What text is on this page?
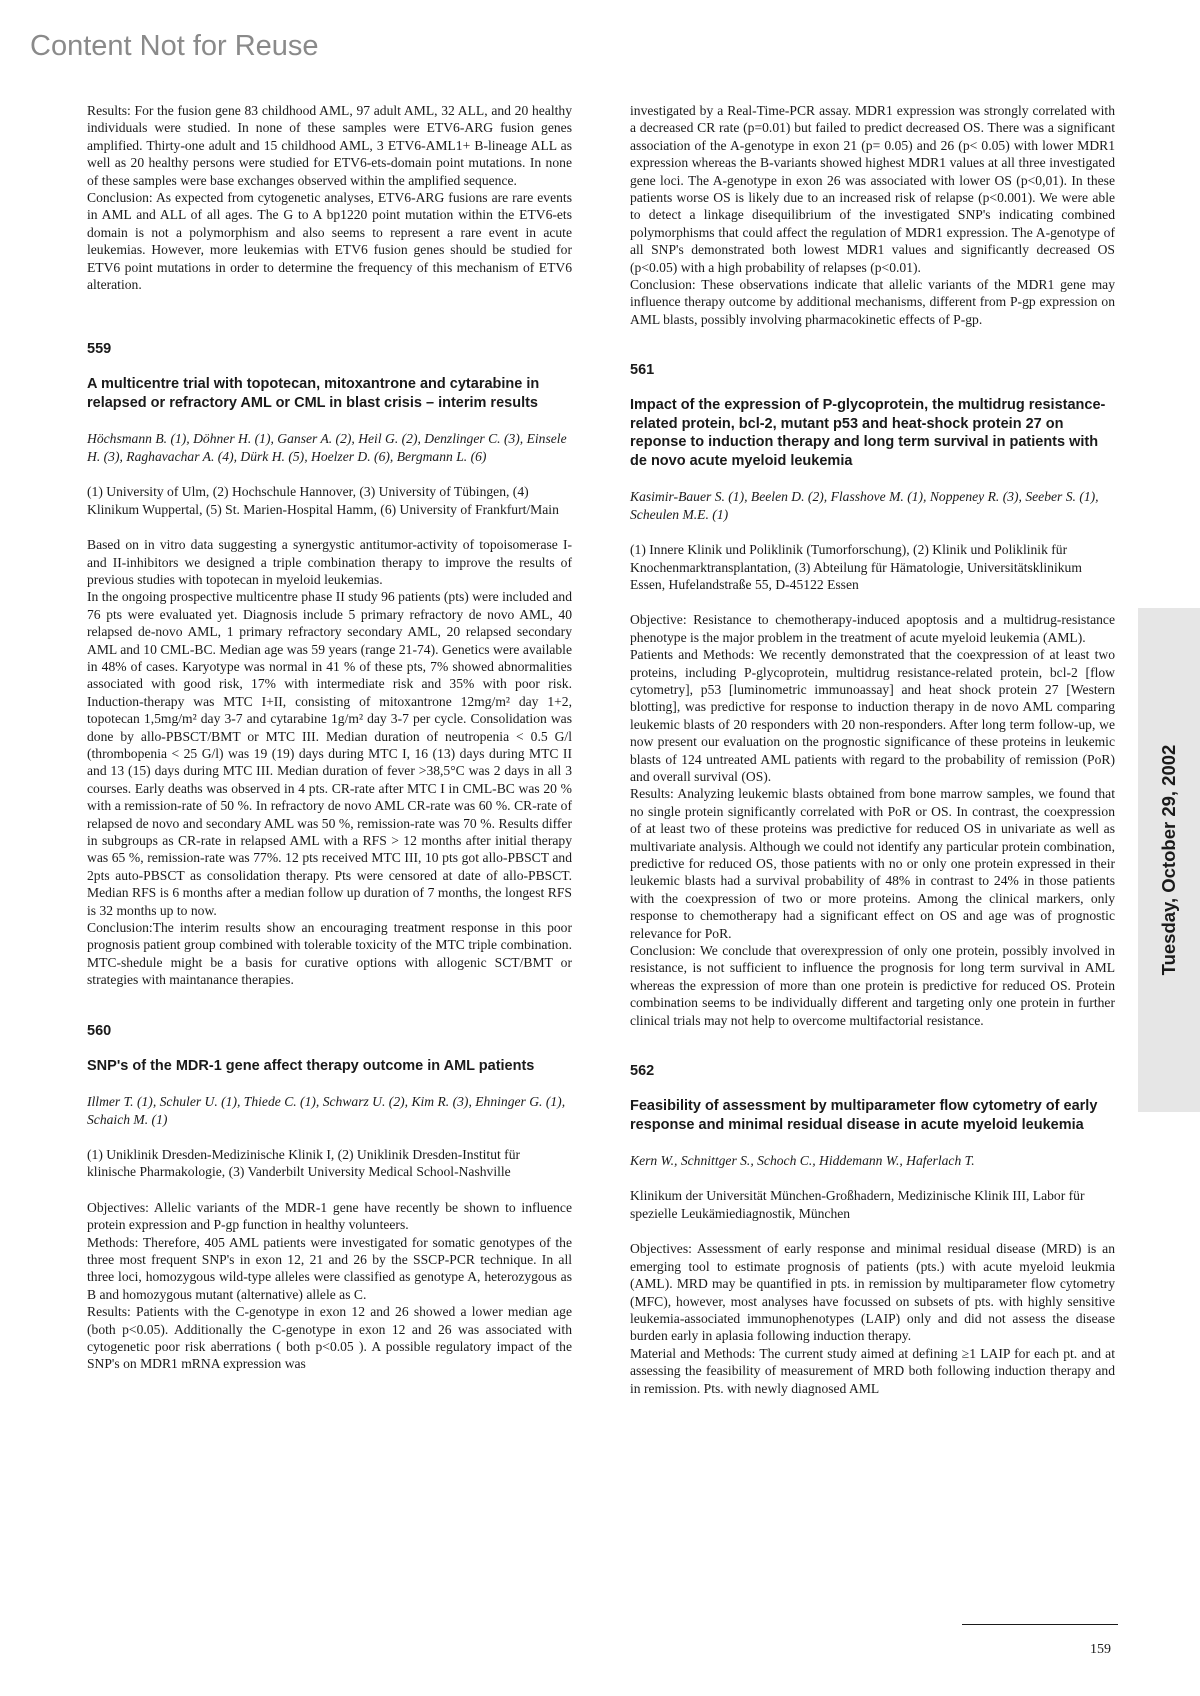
Content Not for Reuse

Results: For the fusion gene 83 childhood AML, 97 adult AML, 32 ALL, and 20 healthy individuals were studied. In none of these samples were ETV6-ARG fusion genes amplified. Thirty-one adult and 15 childhood AML, 3 ETV6-AML1+ B-lineage ALL as well as 20 healthy persons were studied for ETV6-ets-domain point mutations. In none of these samples were base exchanges observed within the amplified sequence.

Conclusion: As expected from cytogenetic analyses, ETV6-ARG fusions are rare events in AML and ALL of all ages. The G to A bp1220 point mutation within the ETV6-ets domain is not a polymorphism and also seems to represent a rare event in acute leukemias. However, more leukemias with ETV6 fusion genes should be studied for ETV6 point mutations in order to determine the frequency of this mechanism of ETV6 alteration.

559

A multicentre trial with topotecan, mitoxantrone and cytarabine in relapsed or refractory AML or CML in blast crisis – interim results

Höchsmann B. (1), Döhner H. (1), Ganser A. (2), Heil G. (2), Denzlinger C. (3), Einsele H. (3), Raghavachar A. (4), Dürk H. (5), Hoelzer D. (6), Bergmann L. (6)

(1) University of Ulm, (2) Hochschule Hannover, (3) University of Tübingen, (4) Klinikum Wuppertal, (5) St. Marien-Hospital Hamm, (6) University of Frankfurt/Main

Based on in vitro data suggesting a synergystic antitumor-activity of topoisomerase I- and II-inhibitors we designed a triple combination therapy to improve the results of previous studies with topotecan in myeloid leukemias.

In the ongoing prospective multicentre phase II study 96 patients (pts) were included and 76 pts were evaluated yet. Diagnosis include 5 primary refractory de novo AML, 40 relapsed de-novo AML, 1 primary refractory secondary AML, 20 relapsed secondary AML and 10 CML-BC. Median age was 59 years (range 21-74). Genetics were available in 48% of cases. Karyotype was normal in 41 % of these pts, 7% showed abnormalities associated with good risk, 17% with intermediate risk and 35% with poor risk. Induction-therapy was MTC I+II, consisting of mitoxantrone 12mg/m² day 1+2, topotecan 1,5mg/m² day 3-7 and cytarabine 1g/m² day 3-7 per cycle. Consolidation was done by allo-PBSCT/BMT or MTC III. Median duration of neutropenia < 0.5 G/l (thrombopenia < 25 G/l) was 19 (19) days during MTC I, 16 (13) days during MTC II and 13 (15) days during MTC III. Median duration of fever >38,5°C was 2 days in all 3 courses. Early deaths was observed in 4 pts. CR-rate after MTC I in CML-BC was 20 % with a remission-rate of 50 %. In refractory de novo AML CR-rate was 60 %. CR-rate of relapsed de novo and secondary AML was 50 %, remission-rate was 70 %. Results differ in subgroups as CR-rate in relapsed AML with a RFS > 12 months after initial therapy was 65 %, remission-rate was 77%. 12 pts received MTC III, 10 pts got allo-PBSCT and 2pts auto-PBSCT as consolidation therapy. Pts were censored at date of allo-PBSCT. Median RFS is 6 months after a median follow up duration of 7 months, the longest RFS is 32 months up to now.

Conclusion:The interim results show an encouraging treatment response in this poor prognosis patient group combined with tolerable toxicity of the MTC triple combination. MTC-shedule might be a basis for curative options with allogenic SCT/BMT or strategies with maintanance therapies.

560

SNP's of the MDR-1 gene affect therapy outcome in AML patients

Illmer T. (1), Schuler U. (1), Thiede C. (1), Schwarz U. (2), Kim R. (3), Ehninger G. (1), Schaich M. (1)

(1) Uniklinik Dresden-Medizinische Klinik I, (2) Uniklinik Dresden-Institut für klinische Pharmakologie, (3) Vanderbilt University Medical School-Nashville

Objectives: Allelic variants of the MDR-1 gene have recently be shown to influence protein expression and P-gp function in healthy volunteers.

Methods: Therefore, 405 AML patients were investigated for somatic genotypes of the three most frequent SNP's in exon 12, 21 and 26 by the SSCP-PCR technique. In all three loci, homozygous wild-type alleles were classified as genotype A, heterozygous as B and homozygous mutant (alternative) allele as C.

Results: Patients with the C-genotype in exon 12 and 26 showed a lower median age (both p<0.05). Additionally the C-genotype in exon 12 and 26 was associated with cytogenetic poor risk aberrations ( both p<0.05 ). A possible regulatory impact of the SNP's on MDR1 mRNA expression was

investigated by a Real-Time-PCR assay. MDR1 expression was strongly correlated with a decreased CR rate (p=0.01) but failed to predict decreased OS. There was a significant association of the A-genotype in exon 21 (p= 0.05) and 26 (p< 0.05) with lower MDR1 expression whereas the B-variants showed highest MDR1 values at all three investigated gene loci. The A-genotype in exon 26 was associated with lower OS (p<0,01). In these patients worse OS is likely due to an increased risk of relapse (p<0.001). We were able to detect a linkage disequilibrium of the investigated SNP's indicating combined polymorphisms that could affect the regulation of MDR1 expression. The A-genotype of all SNP's demonstrated both lowest MDR1 values and significantly decreased OS (p<0.05) with a high probability of relapses (p<0.01).

Conclusion: These observations indicate that allelic variants of the MDR1 gene may influence therapy outcome by additional mechanisms, different from P-gp expression on AML blasts, possibly involving pharmacokinetic effects of P-gp.

561

Impact of the expression of P-glycoprotein, the multidrug resistance-related protein, bcl-2, mutant p53 and heat-shock protein 27 on reponse to induction therapy and long term survival in patients with de novo acute myeloid leukemia

Kasimir-Bauer S. (1), Beelen D. (2), Flasshove M. (1), Noppeney R. (3), Seeber S. (1), Scheulen M.E. (1)

(1) Innere Klinik und Poliklinik (Tumorforschung), (2) Klinik und Poliklinik für Knochenmarktransplantation, (3) Abteilung für Hämatologie, Universitätsklinikum Essen, Hufelandstraße 55, D-45122 Essen

Objective: Resistance to chemotherapy-induced apoptosis and a multidrug-resistance phenotype is the major problem in the treatment of acute myeloid leukemia (AML).

Patients and Methods: We recently demonstrated that the coexpression of at least two proteins, including P-glycoprotein, multidrug resistance-related protein, bcl-2 [flow cytometry], p53 [luminometric immunoassay] and heat shock protein 27 [Western blotting], was predictive for response to induction therapy in de novo AML comparing leukemic blasts of 20 responders with 20 non-responders. After long term follow-up, we now present our evaluation on the prognostic significance of these proteins in leukemic blasts of 124 untreated AML patients with regard to the probability of remission (PoR) and overall survival (OS).

Results: Analyzing leukemic blasts obtained from bone marrow samples, we found that no single protein significantly correlated with PoR or OS. In contrast, the coexpression of at least two of these proteins was predictive for reduced OS in univariate as well as multivariate analysis. Although we could not identify any particular protein combination, predictive for reduced OS, those patients with no or only one protein expressed in their leukemic blasts had a survival probability of 48% in contrast to 24% in those patients with the coexpression of two or more proteins. Among the clinical markers, only response to chemotherapy had a significant effect on OS and age was of prognostic relevance for PoR.

Conclusion: We conclude that overexpression of only one protein, possibly involved in resistance, is not sufficient to influence the prognosis for long term survival in AML whereas the expression of more than one protein is predictive for reduced OS. Protein combination seems to be individually different and targeting only one protein in further clinical trials may not help to overcome multifactorial resistance.

562

Feasibility of assessment by multiparameter flow cytometry of early response and minimal residual disease in acute myeloid leukemia

Kern W., Schnittger S., Schoch C., Hiddemann W., Haferlach T.

Klinikum der Universität München-Großhadern, Medizinische Klinik III, Labor für spezielle Leukämiediagnostik, München

Objectives: Assessment of early response and minimal residual disease (MRD) is an emerging tool to estimate prognosis of patients (pts.) with acute myeloid leukmia (AML). MRD may be quantified in pts. in remission by multiparameter flow cytometry (MFC), however, most analyses have focussed on subsets of pts. with highly sensitive leukemia-associated immunophenotypes (LAIP) only and did not assess the disease burden early in aplasia following induction therapy.

Material and Methods: The current study aimed at defining ≥1 LAIP for each pt. and at assessing the feasibility of measurement of MRD both following induction therapy and in remission. Pts. with newly diagnosed AML

Tuesday, October 29, 2002
159
